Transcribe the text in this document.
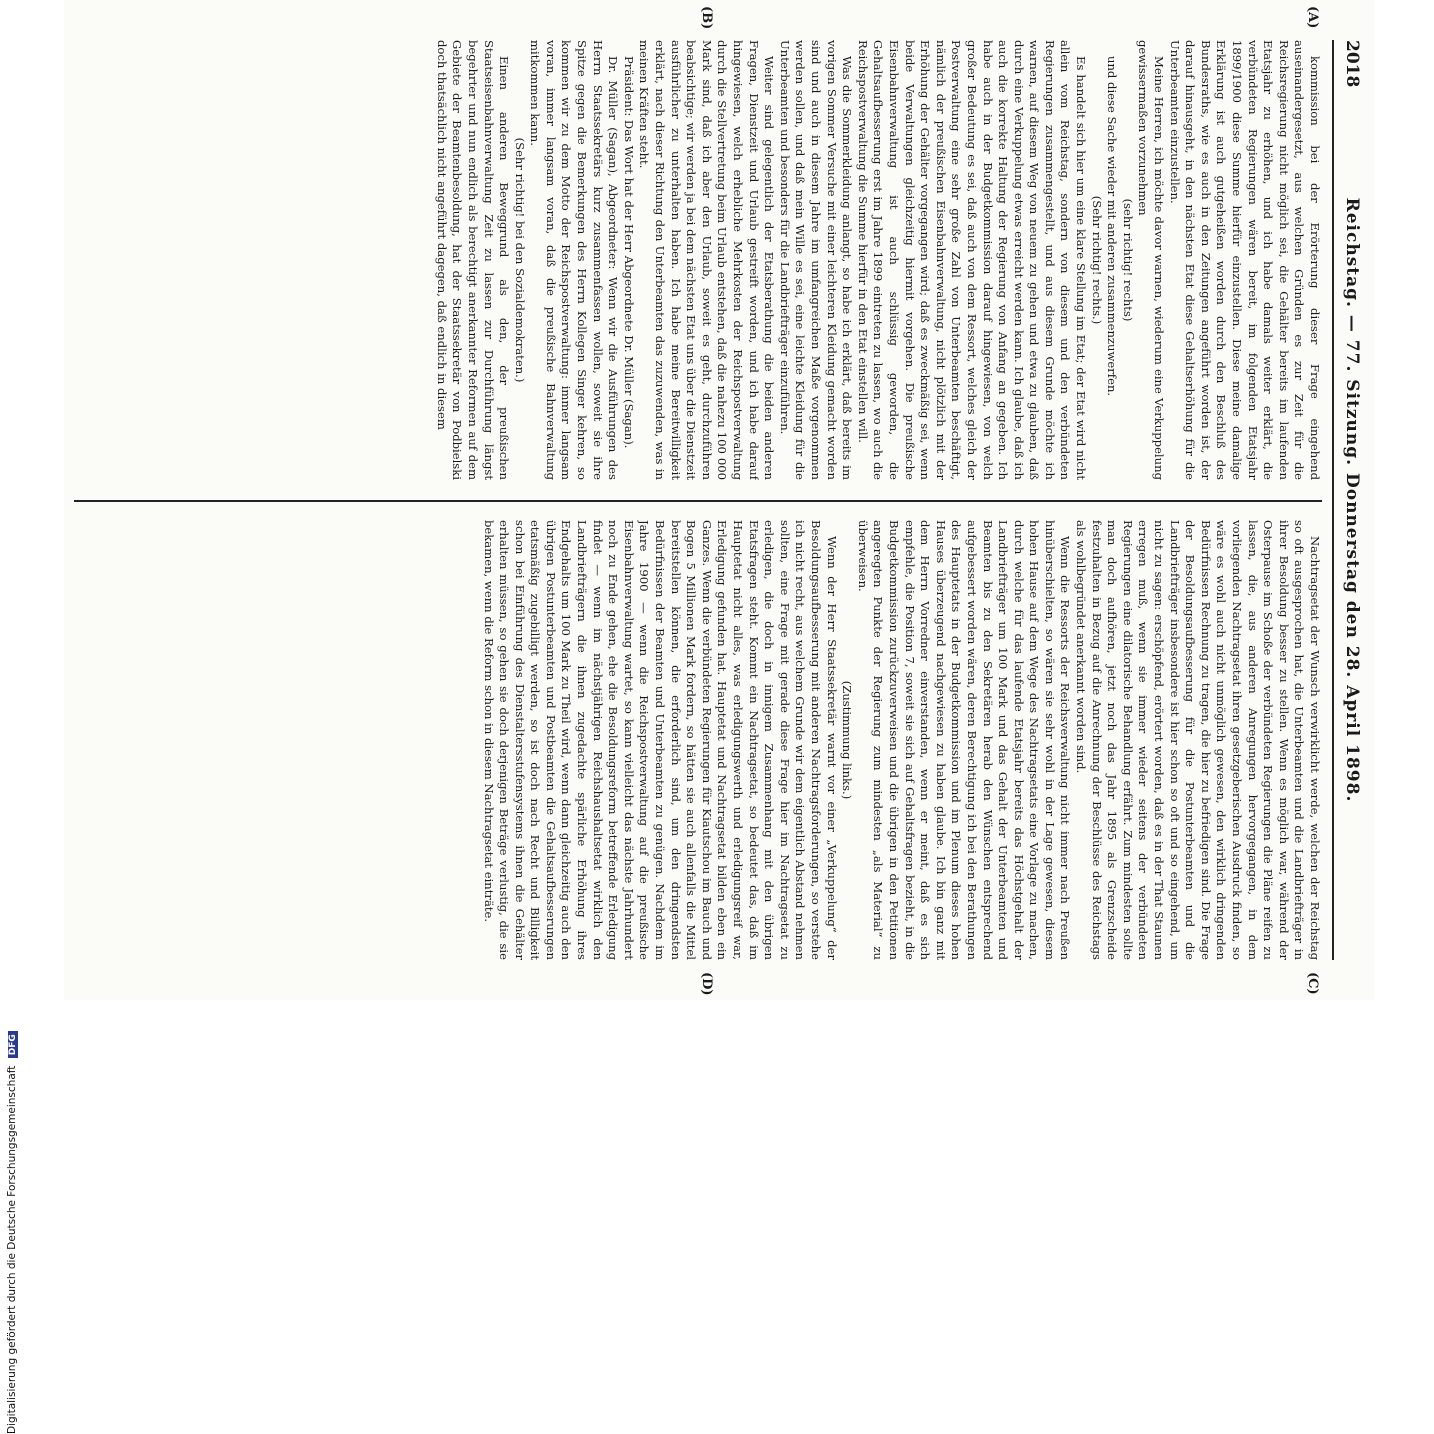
2018
Reichstag. — 77. Sitzung. Donnerstag den 28. April 1898.
(A)
(B)
(C)
(D)

kommission bei der Erörterung dieser Frage eingehend auseinandergesetzt, aus welchen Gründen es zur Zeit für die Reichsregierung nicht möglich sei, die Gehälter bereits im laufenden Etatsjahr zu erhöhen, und ich habe damals weiter erklärt, die verbündeten Regierungen wären bereit, im folgenden Etatsjahr 1899/1900 diese Summe hierfür einzustellen. Diese meine damalige Erklärung ist auch gutgeheißen worden durch den Beschluß des Bundesraths, wie es auch in den Zeitungen angeführt worden ist, der darauf hinausgeht, in den nächsten Etat diese Gehaltserhöhung für die Unterbeamten einzustellen.

Meine Herren, ich möchte davor warnen, wiederum eine Verkuppelung gewissermaßen vorzunehmen

(sehr richtig! rechts)

und diese Sache wieder mit anderen zusammenzuwerfen.

(Sehr richtig! rechts.)

Es handelt sich hier um eine klare Stellung im Etat; der Etat wird nicht allein vom Reichstag, sondern von diesem und den verbündeten Regierungen zusammengestellt, und aus diesem Grunde möchte ich warnen, auf diesem Weg von neuem zu gehen und etwa zu glauben, daß durch eine Verkuppelung etwas erreicht werden kann. Ich glaube, daß ich auch die korrekte Haltung der Regierung von Anfang an gegeben. Ich habe auch in der Budgetkommission darauf hingewiesen, von welch großer Bedeutung es sei, daß auch von dem Ressort, welches gleich der Postverwaltung eine sehr große Zahl von Unterbeamten beschäftigt, nämlich der preußischen Eisenbahnverwaltung, nicht plötzlich mit der Erhöhung der Gehälter vorgegangen wird; daß es zweckmäßig sei, wenn beide Verwaltungen gleichzeitig hiermit vorgehen. Die preußische Eisenbahnverwaltung ist auch schlüssig geworden, die Gehaltsaufbesserung erst im Jahre 1899 eintreten zu lassen, wo auch die Reichspostverwaltung die Summe hierfür in den Etat einstellen will.

Was die Sommerkleidung anlangt, so habe ich erklärt, daß bereits im vorigen Sommer Versuche mit einer leichteren Kleidung gemacht worden sind und auch in diesem Jahre im umfangreichen Maße vorgenommen werden sollen, und daß mein Wille es sei, eine leichte Kleidung für die Unterbeamten und besonders für die Landbriefträger einzuführen.

Weiter sind gelegentlich der Etatsberathung die beiden anderen Fragen, Dienstzeit und Urlaub gestreift worden, und ich habe darauf hingewiesen, welch erhebliche Mehrkosten der Reichspostverwaltung durch die Stellvertretung beim Urlaub entstehen, daß die nahezu 100 000 Mark sind, daß ich aber den Urlaub, soweit es geht, durchzuführen beabsichtige; wir werden ja bei dem nächsten Etat uns über die Dienstzeit ausführlicher zu unterhalten haben. Ich habe meine Bereitwilligkeit erklärt, nach dieser Richtung den Unterbeamten das zuzuwenden, was in meinen Kräften steht.

Präsident: Das Wort hat der Herr Abgeordnete Dr. Müller (Sagan).

Dr. Müller (Sagan), Abgeordneter: Wenn wir die Ausführungen des Herrn Staatssekretärs kurz zusammenfassen wollen, soweit sie ihre Spitze gegen die Bemerkungen des Herrn Kollegen Singer kehren, so kommen wir zu dem Motto der Reichspostverwaltung: immer langsam voran, immer langsam voran, daß die preußische Bahnverwaltung mitkommen kann.

(Sehr richtig! bei den Sozialdemokraten.)

Einen anderen Beweggrund als den, der preußischen Staatseisenbahnverwaltung Zeit zu lassen zur Durchführung längst begehrter und nun endlich als berechtigt anerkannter Reformen auf dem Gebiete der Beamtenbesoldung, hat der Staatssekretär von Podbielski doch thatsächlich nicht angeführt dagegen, daß endlich in diesem

Nachtragsetat der Wunsch verwirklicht werde, welchen der Reichstag so oft ausgesprochen hat, die Unterbeamten und die Landbriefträger in ihrer Besoldung besser zu stellen. Wenn es möglich war, während der Osterpause im Schoße der verbündeten Regierungen die Pläne reifen zu lassen, die, aus anderen Anregungen hervorgegangen, in dem vorliegenden Nachtragsetat ihren gesetzgeberischen Ausdruck finden, so wäre es wohl auch nicht unmöglich gewesen, den wirklich dringenden Bedürfnissen Rechnung zu tragen, die hier zu befriedigen sind. Die Frage der Besoldungsaufbesserung für die Postunterbeamten und die Landbriefträger insbesondere ist hier schon so oft und so eingehend, um nicht zu sagen: erschöpfend, erörtert worden, daß es in der That Staunen erregen muß, wenn sie immer wieder seitens der verbündeten Regierungen eine dilatorische Behandlung erfährt. Zum mindesten sollte man doch aufhören, jetzt noch das Jahr 1895 als Grenzscheide festzuhalten in Bezug auf die Anrechnung der Beschlüsse des Reichstags als wohlbegründet anerkannt worden sind.

Wenn die Ressorts der Reichsverwaltung nicht immer nach Preußen hinüberschielten, so wären sie sehr wohl in der Lage gewesen, diesem hohen Hause auf dem Wege des Nachtragsetats eine Vorlage zu machen, durch welche für das laufende Etatsjahr bereits das Höchstgehalt der Landbriefträger um 100 Mark und das Gehalt der Unterbeamten und Beamten bis zu den Sekretären herab den Wünschen entsprechend aufgebessert worden wären, deren Berechtigung ich bei den Berathungen des Hauptetats in der Budgetkommission und im Plenum dieses hohen Hauses überzeugend nachgewiesen zu haben glaube. Ich bin ganz mit dem Herrn Vorredner einverstanden, wenn er meint, daß es sich empfehle, die Position 7, soweit sie sich auf Gehaltsfragen bezieht, in die Budgetkommission zurückzuverweisen und die übrigen in den Petitionen angeregten Punkte der Regierung zum mindesten „als Material“ zu überweisen.

(Zustimmung links.)

Wenn der Herr Staatssekretär warnt vor einer „Verkuppelung“ der Besoldungsaufbesserung mit anderen Nachtragsforderungen, so verstehe ich nicht recht, aus welchem Grunde wir dem eigentlich Abstand nehmen sollten, eine Frage mit gerade diese Frage hier im Nachtragsetat zu erledigen, die doch in innigem Zusammenhang mit den übrigen Etatsfragen steht. Kommt ein Nachtragsetat, so bedeutet das, daß im Hauptetat nicht alles, was erledigungswerth und erledigungsreif war, Erledigung gefunden hat. Hauptetat und Nachtragsetat bilden eben ein Ganzes. Wenn die verbündeten Regierungen für Kiautschou im Bauch und Bogen 5 Millionen Mark fordern, so hätten sie auch allenfalls die Mittel bereitstellen können, die erforderlich sind, um den dringendsten Bedürfnissen der Beamten und Unterbeamten zu genügen. Nachdem im Jahre 1900 — wenn die Reichspostverwaltung auf die preußische Eisenbahnverwaltung wartet, so kann vielleicht das nächste Jahrhundert noch zu Ende gehen, ehe die Besoldungsreform betreffende Erledigung findet — wenn im nächstjährigen Reichshaushaltsetat wirklich den Landbriefträgern die ihnen zugedachte spärliche Erhöhung ihres Endgehalts um 100 Mark zu Theil wird, wenn dann gleichzeitig auch den übrigen Postunterbeamten und Postbeamten die Gehaltsaufbesserungen etatsmäßig zugebilligt werden, so ist doch nach Recht und Billigkeit schon bei Einführung des Dienstaltersstufensystems ihnen die Gehälter erhalten müssen, so gehen sie doch derjenigen Beträge verlustig, die sie bekamen, wenn die Reform schon in diesem Nachtragsetat einträte.

Digitalisierung gefördert durch die Deutsche Forschungsgemeinschaft DFG
